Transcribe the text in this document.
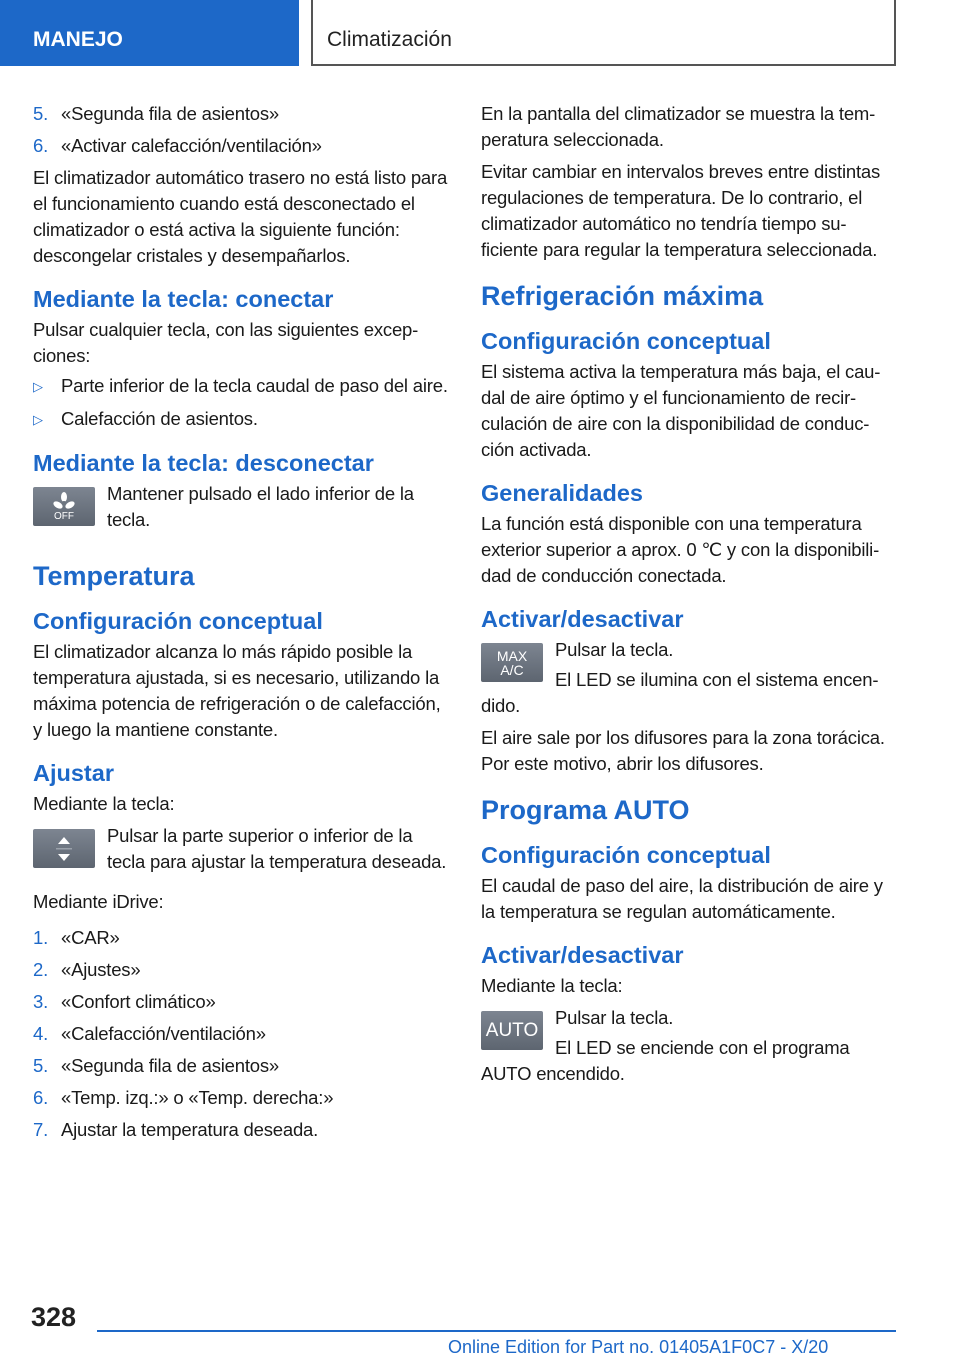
MANEJO	Climatización
5. «Segunda fila de asientos»
6. «Activar calefacción/ventilación»

El climatizador automático trasero no está listo para el funcionamiento cuando está desconectado el climatizador o está activa la siguiente función: descongelar cristales y desempañarlos.

Mediante la tecla: conectar

Pulsar cualquier tecla, con las siguientes excepciones:

▷ Parte inferior de la tecla caudal de paso del aire.
▷ Calefacción de asientos.
Mediante la tecla: desconectar
OFF

Mantener pulsado el lado inferior de la tecla.

Temperatura
Configuración conceptual

El climatizador alcanza lo más rápido posible la temperatura ajustada, si es necesario, utilizando la máxima potencia de refrigeración o de calefacción, y luego la mantiene constante.

Ajustar

Mediante la tecla:

Pulsar la parte superior o inferior de la tecla para ajustar la temperatura deseada.

Mediante iDrive:

1. «CAR»
2. «Ajustes»
3. «Confort climático»
4. «Calefacción/ventilación»
5. «Segunda fila de asientos»
6. «Temp. izq.:» o «Temp. derecha:»
7. Ajustar la temperatura deseada.

En la pantalla del climatizador se muestra la temperatura seleccionada.

Evitar cambiar en intervalos breves entre distintas regulaciones de temperatura. De lo contrario, el climatizador automático no tendría tiempo suficiente para regular la temperatura seleccionada.

Refrigeración máxima
Configuración conceptual

El sistema activa la temperatura más baja, el caudal de aire óptimo y el funcionamiento de recirculación de aire con la disponibilidad de conducción activada.

Generalidades

La función está disponible con una temperatura exterior superior a aprox. 0 ℃ y con la disponibilidad de conducción conectada.

Activar/desactivar
MAX
A/C

Pulsar la tecla.

El LED se ilumina con el sistema encendido.

El aire sale por los difusores para la zona torácica. Por este motivo, abrir los difusores.

Programa AUTO
Configuración conceptual

El caudal de paso del aire, la distribución de aire y la temperatura se regulan automáticamente.

Activar/desactivar

Mediante la tecla:

AUTO

Pulsar la tecla.

El LED se enciende con el programa AUTO encendido.

328
Online Edition for Part no. 01405A1F0C7 - X/20
